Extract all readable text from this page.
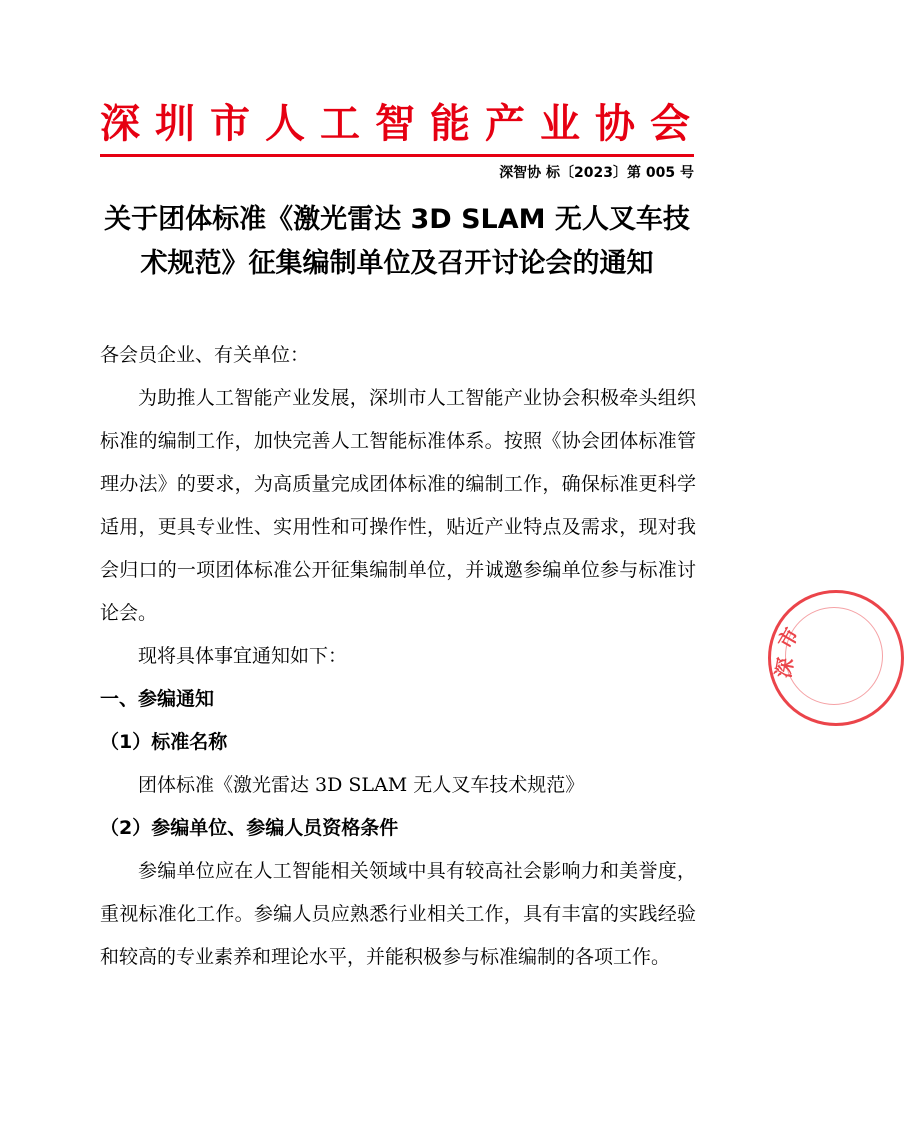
深圳市人工智能产业协会
深智协 标〔2023〕第 005 号
关于团体标准《激光雷达 3D SLAM 无人叉车技
术规范》征集编制单位及召开讨论会的通知

各会员企业、有关单位：

为助推人工智能产业发展，深圳市人工智能产业协会积极牵头组织标准的编制工作，加快完善人工智能标准体系。按照《协会团体标准管理办法》的要求，为高质量完成团体标准的编制工作，确保标准更科学适用，更具专业性、实用性和可操作性，贴近产业特点及需求，现对我会归口的一项团体标准公开征集编制单位，并诚邀参编单位参与标准讨论会。

现将具体事宜通知如下：

一、参编通知

（1）标准名称

团体标准《激光雷达 3D SLAM 无人叉车技术规范》

（2）参编单位、参编人员资格条件

参编单位应在人工智能相关领域中具有较高社会影响力和美誉度，重视标准化工作。参编人员应熟悉行业相关工作，具有丰富的实践经验和较高的专业素养和理论水平，并能积极参与标准编制的各项工作。

市
深
